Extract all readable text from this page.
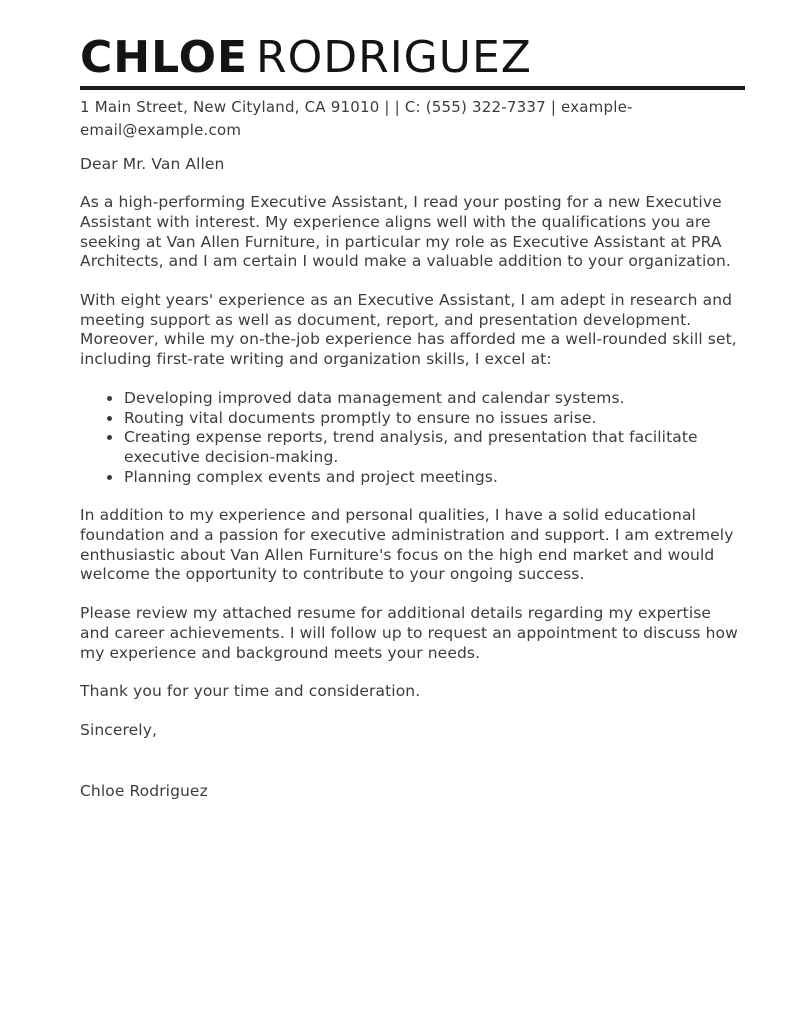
CHLOE RODRIGUEZ

1 Main Street, New Cityland, CA 91010 | | C: (555) 322-7337 | example-
email@example.com

Dear Mr. Van Allen

As a high-performing Executive Assistant, I read your posting for a new Executive Assistant with interest. My experience aligns well with the qualifications you are seeking at Van Allen Furniture, in particular my role as Executive Assistant at PRA Architects, and I am certain I would make a valuable addition to your organization.

With eight years' experience as an Executive Assistant, I am adept in research and meeting support as well as document, report, and presentation development. Moreover, while my on-the-job experience has afforded me a well-rounded skill set, including first-rate writing and organization skills, I excel at:

• Developing improved data management and calendar systems.
• Routing vital documents promptly to ensure no issues arise.
• Creating expense reports, trend analysis, and presentation that facilitate executive decision-making.
• Planning complex events and project meetings.

In addition to my experience and personal qualities, I have a solid educational foundation and a passion for executive administration and support. I am extremely enthusiastic about Van Allen Furniture's focus on the high end market and would welcome the opportunity to contribute to your ongoing success.

Please review my attached resume for additional details regarding my expertise and career achievements. I will follow up to request an appointment to discuss how my experience and background meets your needs.

Thank you for your time and consideration.

Sincerely,

Chloe Rodriguez
